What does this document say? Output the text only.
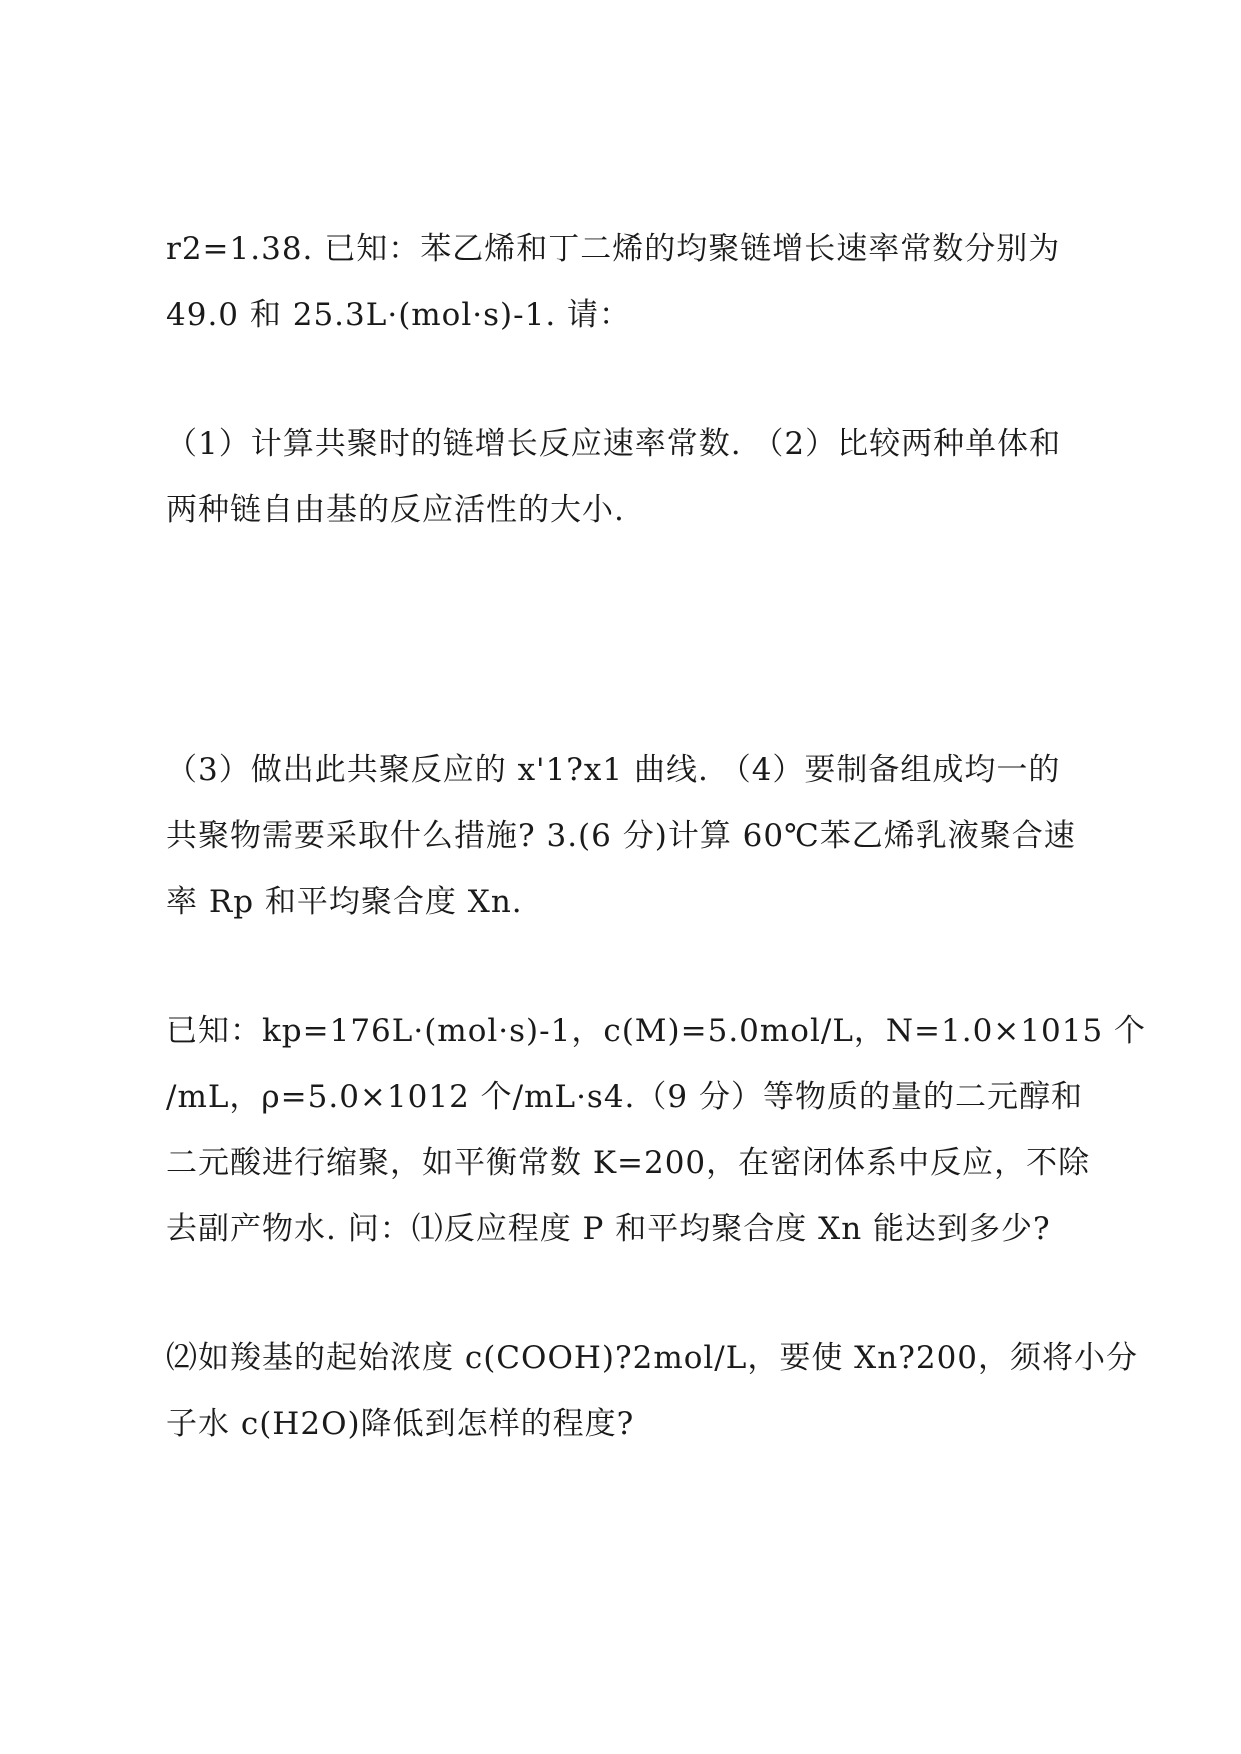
r2=1.38. 已知：苯乙烯和丁二烯的均聚链增长速率常数分别为

49.0 和 25.3L·(mol·s)-1. 请：

（1）计算共聚时的链增长反应速率常数. （2）比较两种单体和

两种链自由基的反应活性的大小.

（3）做出此共聚反应的 x'1?x1 曲线. （4）要制备组成均一的

共聚物需要采取什么措施? 3.(6 分)计算 60℃苯乙烯乳液聚合速

率 Rp 和平均聚合度 Xn.

已知：kp=176L·(mol·s)-1，c(M)=5.0mol/L，N=1.0×1015 个

/mL，ρ=5.0×1012 个/mL·s4.（9 分）等物质的量的二元醇和

二元酸进行缩聚，如平衡常数 K=200，在密闭体系中反应，不除

去副产物水. 问：⑴反应程度 P 和平均聚合度 Xn 能达到多少?

⑵如羧基的起始浓度 c(COOH)?2mol/L，要使 Xn?200，须将小分

子水 c(H2O)降低到怎样的程度?
